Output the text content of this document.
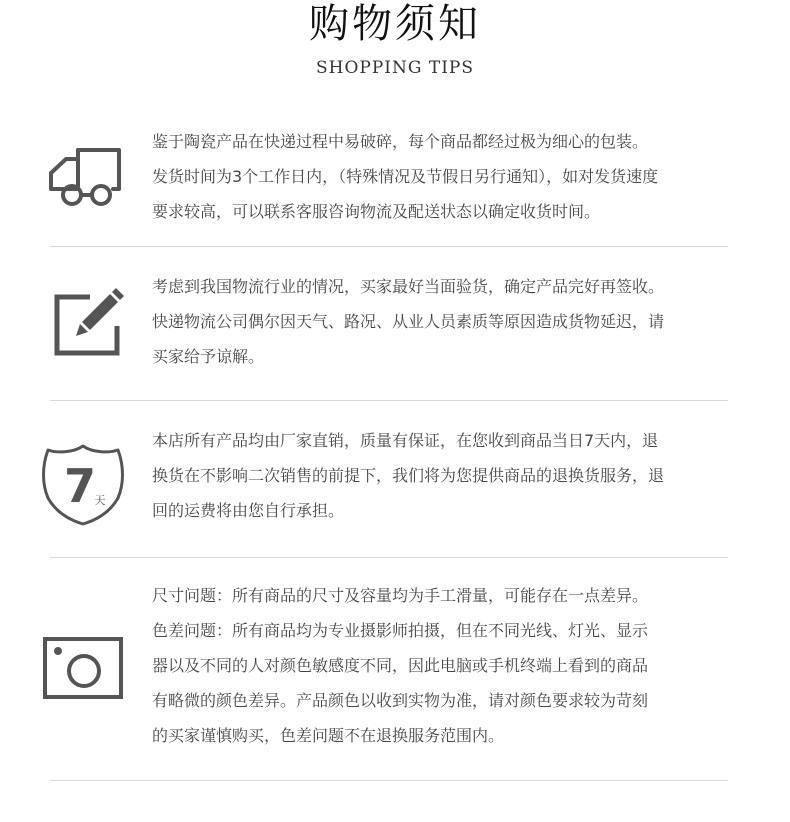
购物须知
SHOPPING TIPS

鉴于陶瓷产品在快递过程中易破碎，每个商品都经过极为细心的包装。

发货时间为3个工作日内，（特殊情况及节假日另行通知），如对发货速度

要求较高，可以联系客服咨询物流及配送状态以确定收货时间。

考虑到我国物流行业的情况，买家最好当面验货，确定产品完好再签收。

快递物流公司偶尔因天气、路况、从业人员素质等原因造成货物延迟，请

买家给予谅解。

7
天

本店所有产品均由厂家直销，质量有保证，在您收到商品当日7天内，退

换货在不影响二次销售的前提下，我们将为您提供商品的退换货服务，退

回的运费将由您自行承担。

尺寸问题：所有商品的尺寸及容量均为手工滑量，可能存在一点差异。

色差问题：所有商品均为专业摄影师拍摄，但在不同光线、灯光、显示

器以及不同的人对颜色敏感度不同，因此电脑或手机终端上看到的商品

有略微的颜色差异。产品颜色以收到实物为准，请对颜色要求较为苛刻

的买家谨慎购买，色差问题不在退换服务范围内。
